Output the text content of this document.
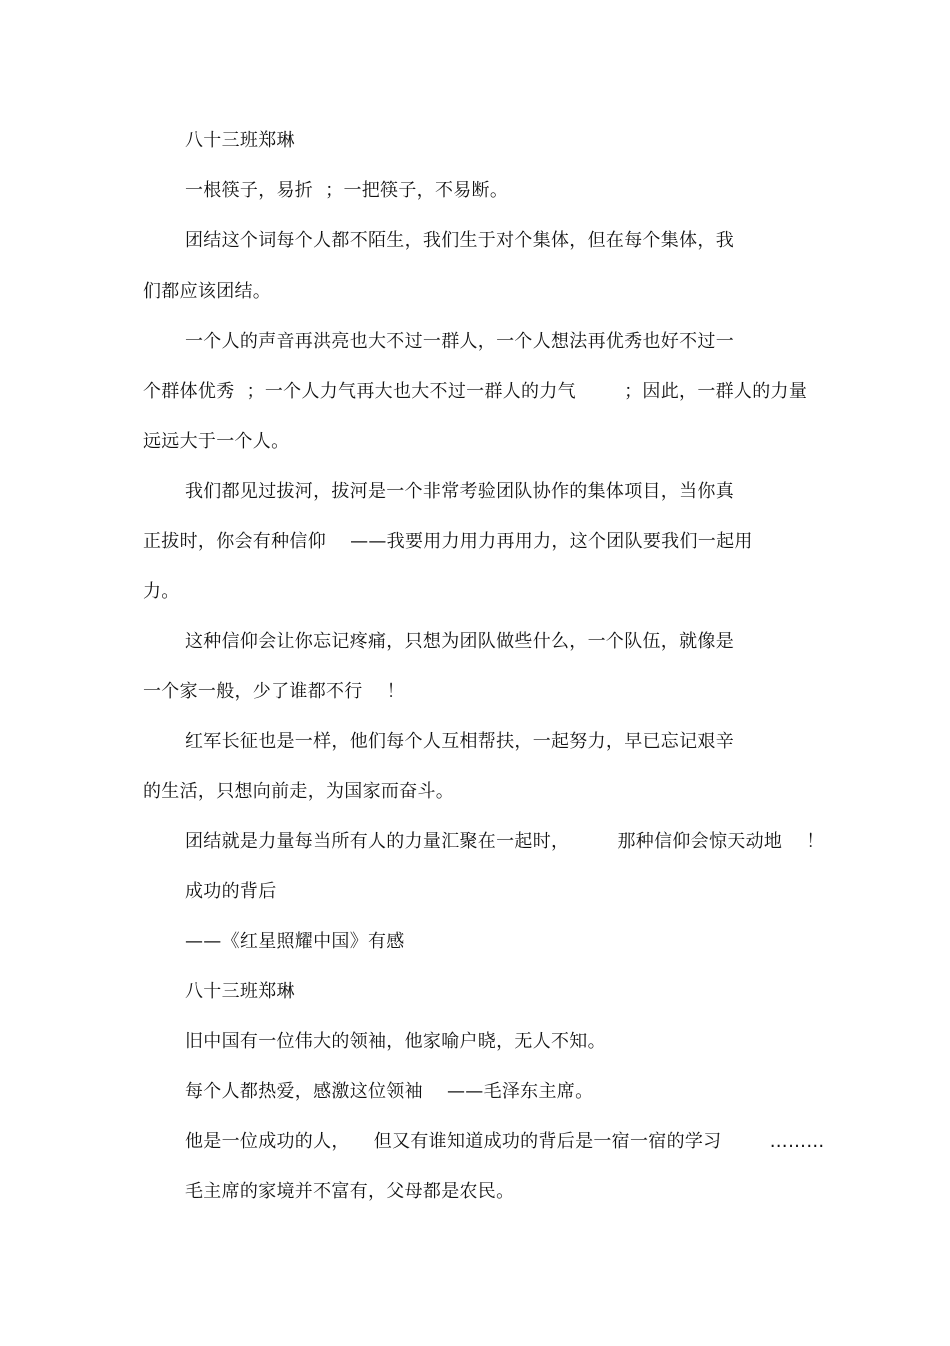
八十三班郑琳
一根筷子，易折  ；一把筷子，不易断。
团结这个词每个人都不陌生，我们生于对个集体，但在每个集体，我
们都应该团结。
一个人的声音再洪亮也大不过一群人，一个人想法再优秀也好不过一
个群体优秀  ；一个人力气再大也大不过一群人的力气        ；因此，一群人的力量
远远大于一个人。
我们都见过拔河，拔河是一个非常考验团队协作的集体项目，当你真
正拔时，你会有种信仰    ——我要用力用力再用力，这个团队要我们一起用
力。
这种信仰会让你忘记疼痛，只想为团队做些什么，一个队伍，就像是
一个家一般，少了谁都不行    ！
红军长征也是一样，他们每个人互相帮扶，一起努力，早已忘记艰辛
的生活，只想向前走，为国家而奋斗。
团结就是力量每当所有人的力量汇聚在一起时，        那种信仰会惊天动地    ！
成功的背后
——《红星照耀中国》有感
八十三班郑琳
旧中国有一位伟大的领袖，他家喻户晓，无人不知。
每个人都热爱，感激这位领袖    ——毛泽东主席。
他是一位成功的人，    但又有谁知道成功的背后是一宿一宿的学习        ………
毛主席的家境并不富有，父母都是农民。
